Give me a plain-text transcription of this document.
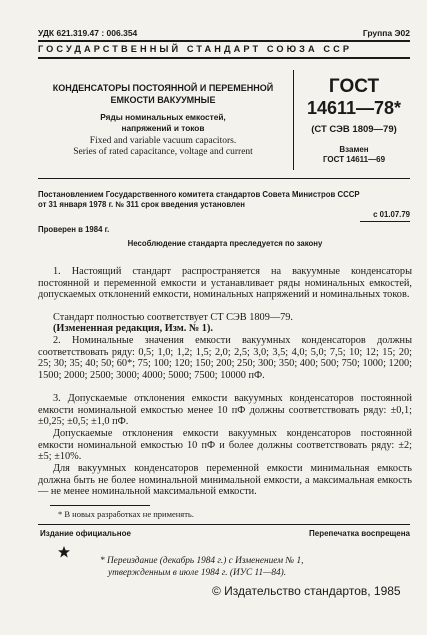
УДК 621.319.47 : 006.354	Группа Э02
ГОСУДАРСТВЕННЫЙ СТАНДАРТ СОЮЗА ССР
КОНДЕНСАТОРЫ ПОСТОЯННОЙ И ПЕРЕМЕННОЙ
ЕМКОСТИ ВАКУУМНЫЕ
Ряды номинальных емкостей,
напряжений и токов
Fixed and variable vacuum capacitors.
Series of rated capacitance, voltage and current
ГОСТ
14611—78*
(СТ СЭВ 1809—79)
Взамен
ГОСТ 14611—69
Постановлением Государственного комитета стандартов Совета Министров СССР
от 31 января 1978 г. № 311 срок введения установлен
с 01.07.79
Проверен в 1984 г.
Несоблюдение стандарта преследуется по закону
1. Настоящий стандарт распространяется на вакуумные конденсаторы постоянной и переменной емкости и устанавливает ряды номинальных емкостей, допускаемых отклонений емкости, номинальных напряжений и номинальных токов.
Стандарт полностью соответствует СТ СЭВ 1809—79.
(Измененная редакция, Изм. № 1).
2. Номинальные значения емкости вакуумных конденсаторов должны соответствовать ряду: 0,5; 1,0; 1,2; 1,5; 2,0; 2,5; 3,0; 3,5; 4,0; 5,0; 7,5; 10; 12; 15; 20; 25; 30; 35; 40; 50; 60*; 75; 100; 120; 150; 200; 250; 300; 350; 400; 500; 750; 1000; 1200; 1500; 2000; 2500; 3000; 4000; 5000; 7500; 10000 пФ.
3. Допускаемые отклонения емкости вакуумных конденсаторов постоянной емкости номинальной емкостью менее 10 пФ должны соответствовать ряду: ±0,1; ±0,25; ±0,5; ±1,0 пФ.
Допускаемые отклонения емкости вакуумных конденсаторов постоянной емкости номинальной емкостью 10 пФ и более должны соответствовать ряду: ±2; ±5; ±10%.
Для вакуумных конденсаторов переменной емкости минимальная емкость должна быть не более номинальной минимальной емкости, а максимальная емкость — не менее номинальной максимальной емкости.
* В новых разработках не применять.
Издание официальное	Перепечатка воспрещена
* Переиздание (декабрь 1984 г.) с Изменением № 1,
утвержденным в июле 1984 г. (ИУС 11—84).
© Издательство стандартов, 1985
